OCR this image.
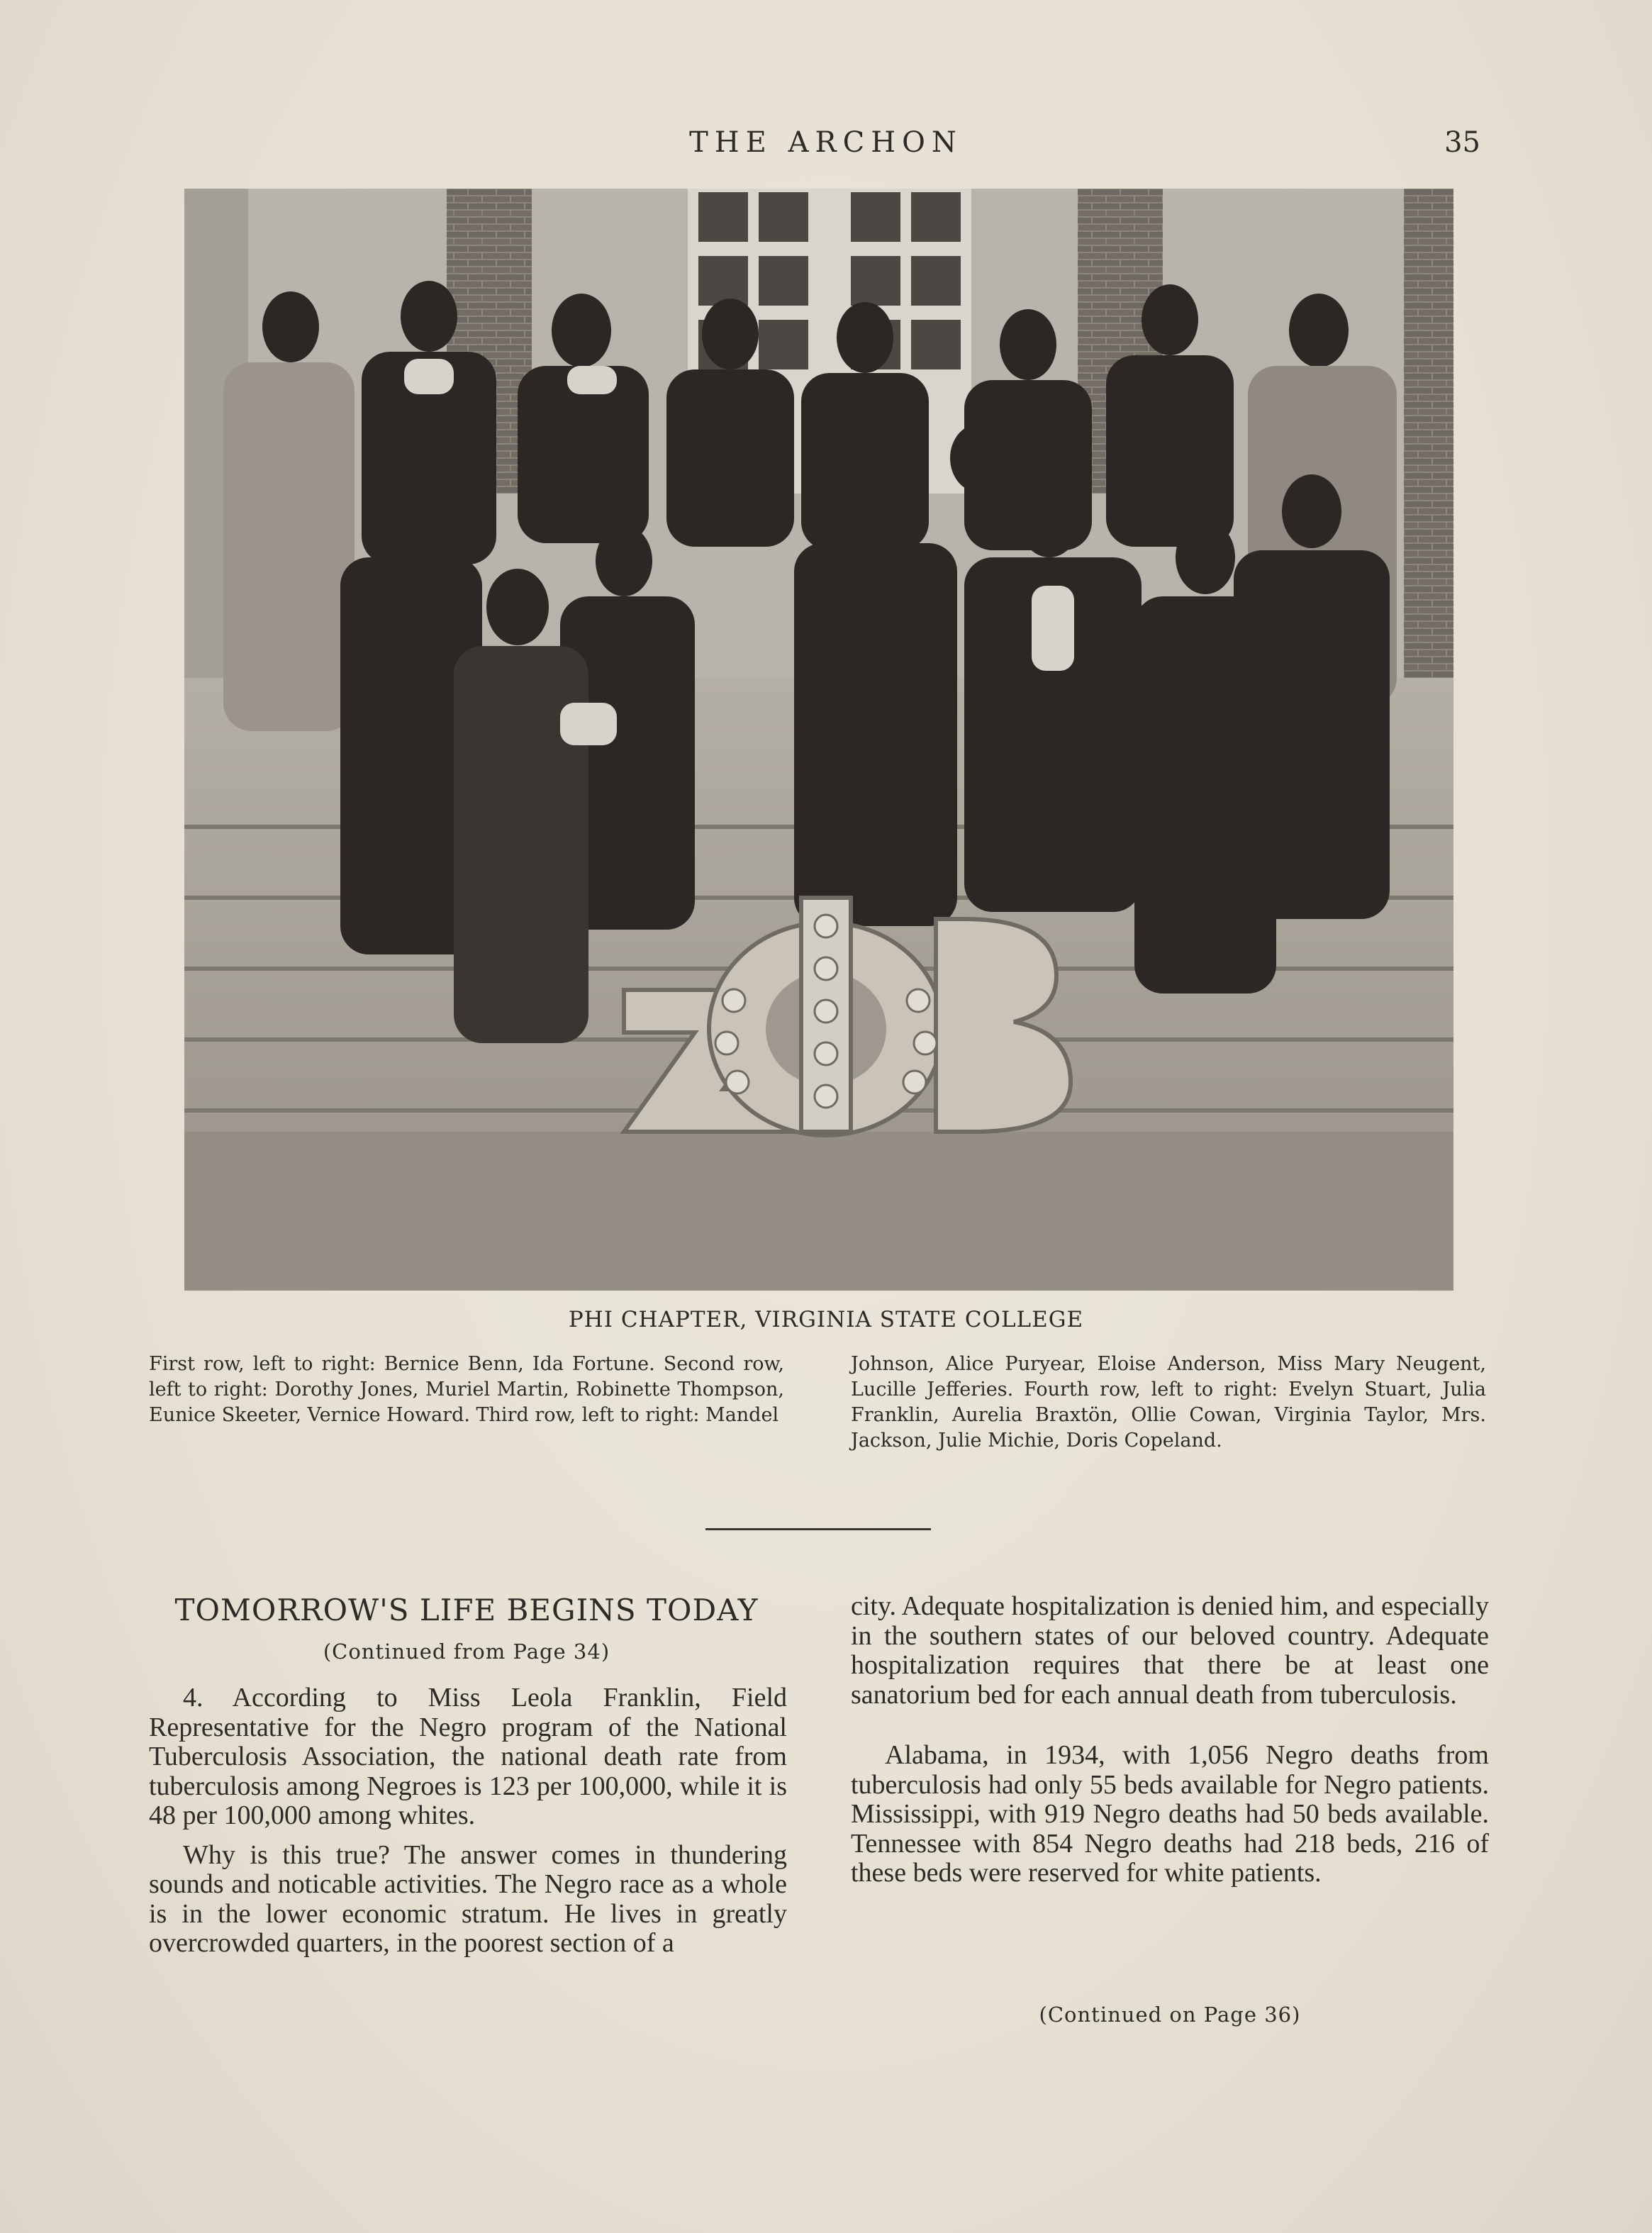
THE ARCHON	35
PHI CHAPTER, VIRGINIA STATE COLLEGE
First row, left to right: Bernice Benn, Ida Fortune. Second row, left to right: Dorothy Jones, Muriel Martin, Robinette Thompson, Eunice Skeeter, Vernice Howard. Third row, left to right: Mandel
Johnson, Alice Puryear, Eloise Anderson, Miss Mary Neugent, Lucille Jefferies. Fourth row, left to right: Evelyn Stuart, Julia Franklin, Aurelia Braxtön, Ollie Cowan, Virginia Taylor, Mrs. Jackson, Julie Michie, Doris Copeland.
TOMORROW'S LIFE BEGINS TODAY
(Continued from Page 34)

4. According to Miss Leola Franklin, Field Representative for the Negro program of the National Tuberculosis Association, the national death rate from tuberculosis among Negroes is 123 per 100,000, while it is 48 per 100,000 among whites.

Why is this true? The answer comes in thundering sounds and noticable activities. The Negro race as a whole is in the lower economic stratum. He lives in greatly overcrowded quarters, in the poorest section of a

city. Adequate hospitalization is denied him, and especially in the southern states of our beloved country. Adequate hospitalization requires that there be at least one sanatorium bed for each annual death from tuberculosis.

Alabama, in 1934, with 1,056 Negro deaths from tuberculosis had only 55 beds available for Negro patients. Mississippi, with 919 Negro deaths had 50 beds available. Tennessee with 854 Negro deaths had 218 beds, 216 of these beds were reserved for white patients.

(Continued on Page 36)
